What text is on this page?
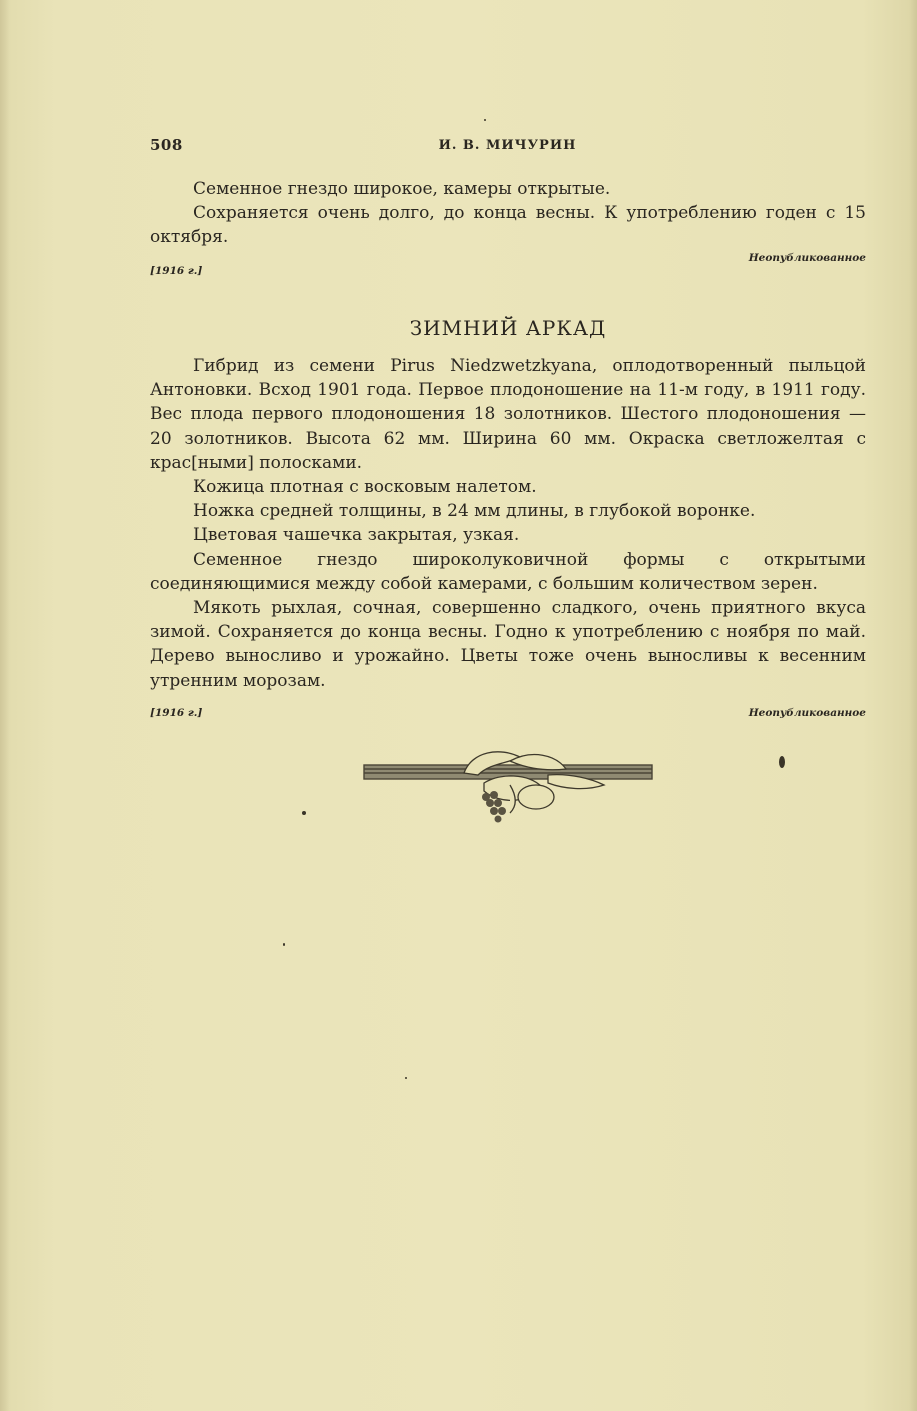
508	И. В. МИЧУРИН

Семенное гнездо широкое, камеры открытые.

Сохраняется очень долго, до конца весны. К употреблению годен с 15 октября.

Неопубликованное
[1916 г.]
ЗИМНИЙ АРКАД

Гибрид из семени Pirus Niedzwetzkyana, оплодотворенный пыльцой Антоновки. Всход 1901 года. Первое плодоношение на 11-м году, в 1911 году. Вес плода первого плодоношения 18 золотников. Шестого плодоношения — 20 золотников. Высота 62 мм. Ширина 60 мм. Окраска светложелтая с крас[ными] полосками.

Кожица плотная с восковым налетом.

Ножка средней толщины, в 24 мм длины, в глубокой воронке.

Цветовая чашечка закрытая, узкая.

Семенное гнездо широколуковичной формы с открытыми соединяющимися между собой камерами, с большим количеством зерен.

Мякоть рыхлая, сочная, совершенно сладкого, очень приятного вкуса зимой. Сохраняется до конца весны. Годно к употреблению с ноября по май. Дерево выносливо и урожайно. Цветы тоже очень выносливы к весенним утренним морозам.

[1916 г.]	Неопубликованное
